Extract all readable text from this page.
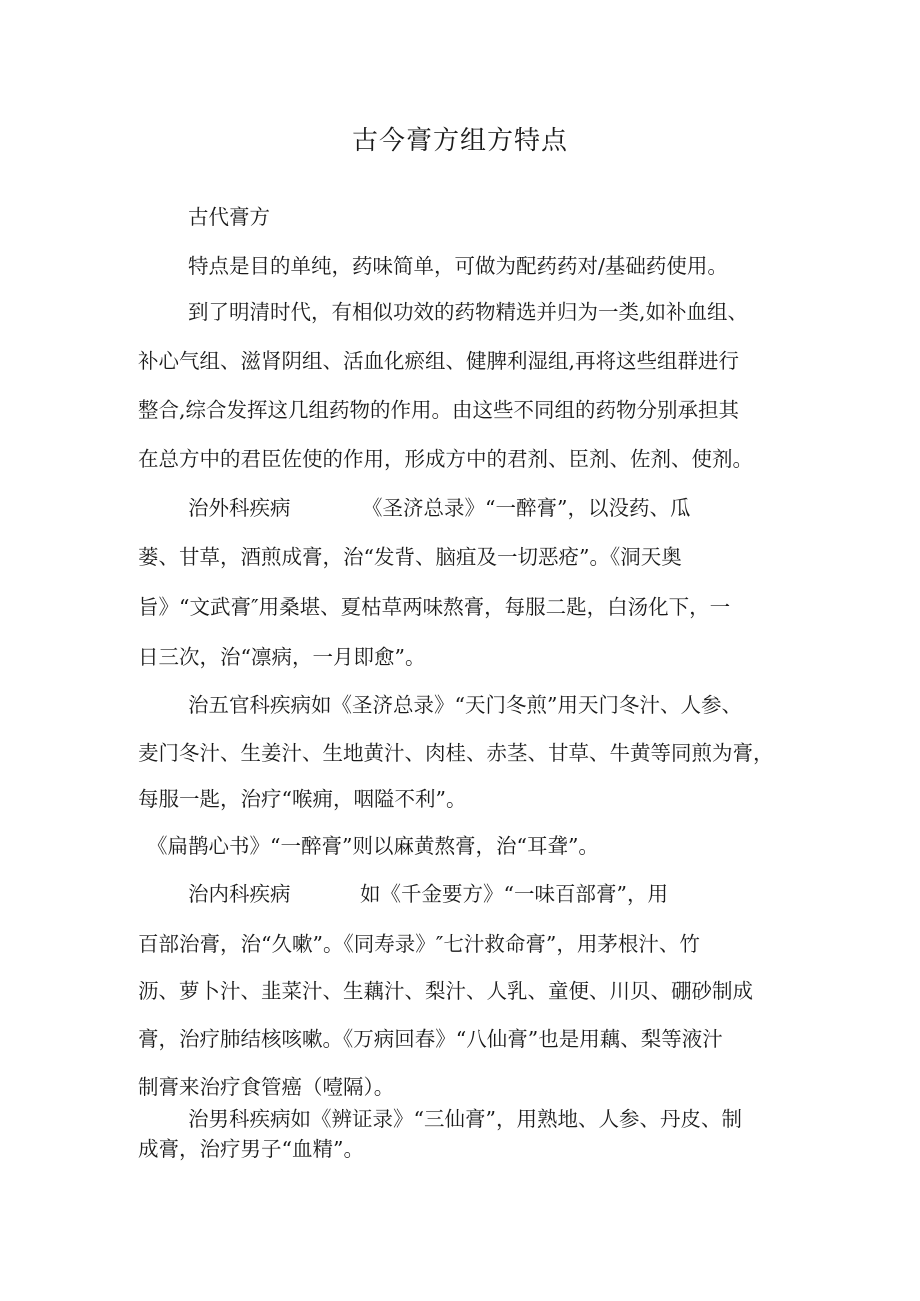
古今膏方组方特点
古代膏方
特点是目的单纯，药味简单，可做为配药药对/基础药使用。
到了明清时代，有相似功效的药物精选并归为一类,如补血组、
补心气组、滋肾阴组、活血化瘀组、健脾利湿组,再将这些组群进行
整合,综合发挥这几组药物的作用。由这些不同组的药物分别承担其
在总方中的君臣佐使的作用，形成方中的君剂、臣剂、佐剂、使剂。
治外科疾病	《圣济总录》“一醉膏”，以没药、瓜
蒌、甘草，酒煎成膏，治“发背、脑疽及一切恶疮”。《洞天奥
旨》“文武膏″用桑堪、夏枯草两味熬膏，每服二匙，白汤化下，一
日三次，治“凛病，一月即愈”。
治五官科疾病如《圣济总录》“天门冬煎”用天门冬汁、人参、
麦门冬汁、生姜汁、生地黄汁、肉桂、赤茎、甘草、牛黄等同煎为膏，
每服一匙，治疗“喉痈，咽隘不利”。
《扁鹊心书》“一醉膏”则以麻黄熬膏，治“耳聋”。
治内科疾病	如《千金要方》“一味百部膏”，用
百部治膏，治“久嗽”。《同寿录》″七汁救命膏”，用茅根汁、竹
沥、萝卜汁、韭菜汁、生藕汁、梨汁、人乳、童便、川贝、硼砂制成
膏，治疗肺结核咳嗽。《万病回春》“八仙膏”也是用藕、梨等液汁
制膏来治疗食管癌（噎隔）。
治男科疾病如《辨证录》“三仙膏”，用熟地、人参、丹皮、制
成膏，治疗男子“血精”。
